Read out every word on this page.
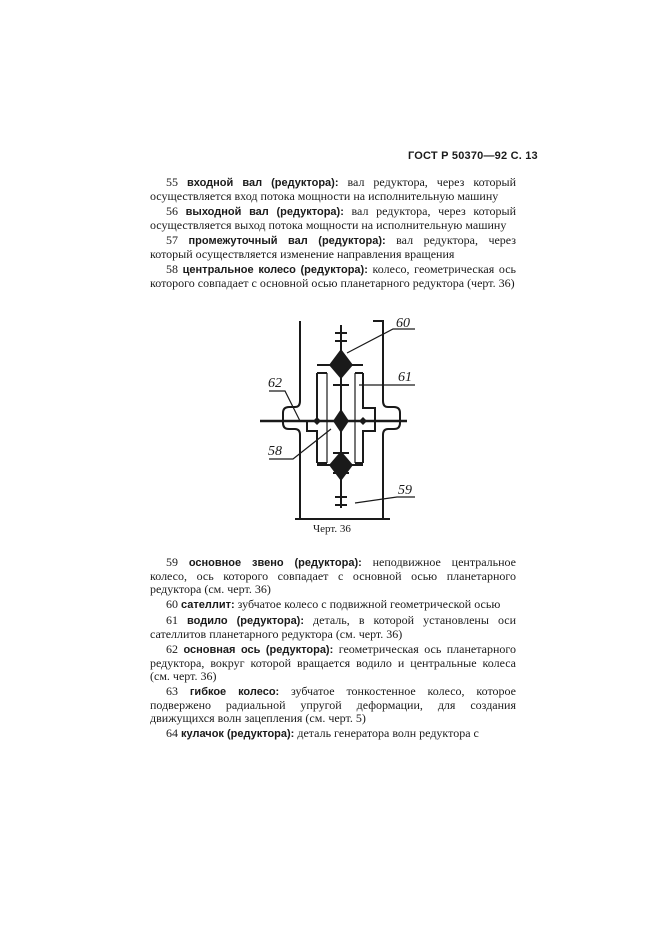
ГОСТ Р 50370—92 С. 13

55 входной вал (редуктора): вал редуктора, через который осуществляется вход потока мощности на исполнительную машину

56 выходной вал (редуктора): вал редуктора, через который осуществляется выход потока мощности на исполнительную машину

57 промежуточный вал (редуктора): вал редуктора, через который осуществляется изменение направления вращения

58 центральное колесо (редуктора): колесо, геометрическая ось которого совпадает с основной осью планетарного редуктора (черт. 36)

60
61
62
58
59
Черт. 36

59 основное звено (редуктора): неподвижное центральное колесо, ось которого совпадает с основной осью планетарного редуктора (см. черт. 36)

60 сателлит: зубчатое колесо с подвижной геометрической осью

61 водило (редуктора): деталь, в которой установлены оси сателлитов планетарного редуктора (см. черт. 36)

62 основная ось (редуктора): геометрическая ось планетарного редуктора, вокруг которой вращается водило и центральные колеса (см. черт. 36)

63 гибкое колесо: зубчатое тонкостенное колесо, которое подвержено радиальной упругой деформации, для создания движущихся волн зацепления (см. черт. 5)

64 кулачок (редуктора): деталь генератора волн редуктора с
